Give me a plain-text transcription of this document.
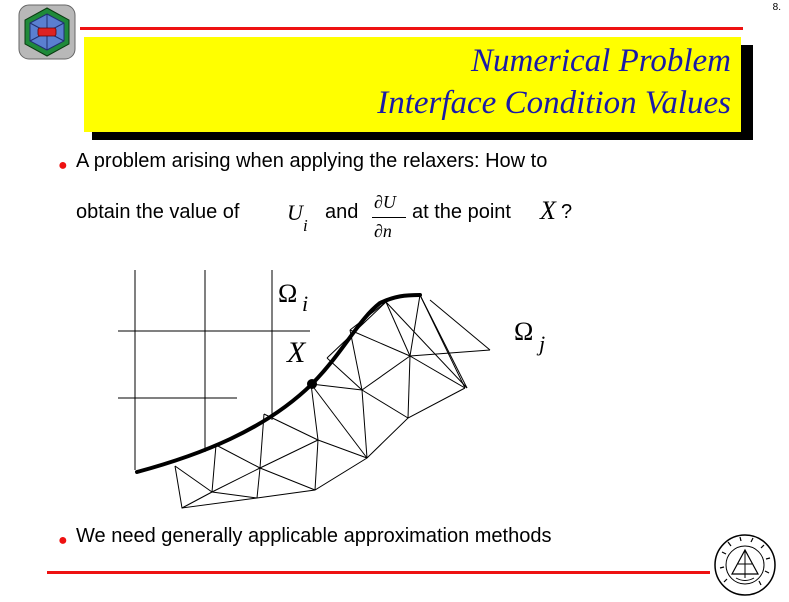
8.
Numerical Problem
Interface Condition Values
● A problem arising when applying the relaxers: How to
obtain the value of U
i
and ∂U
∂n
at the point X ?
Ω i
Ω j
X
● We need generally applicable approximation methods
